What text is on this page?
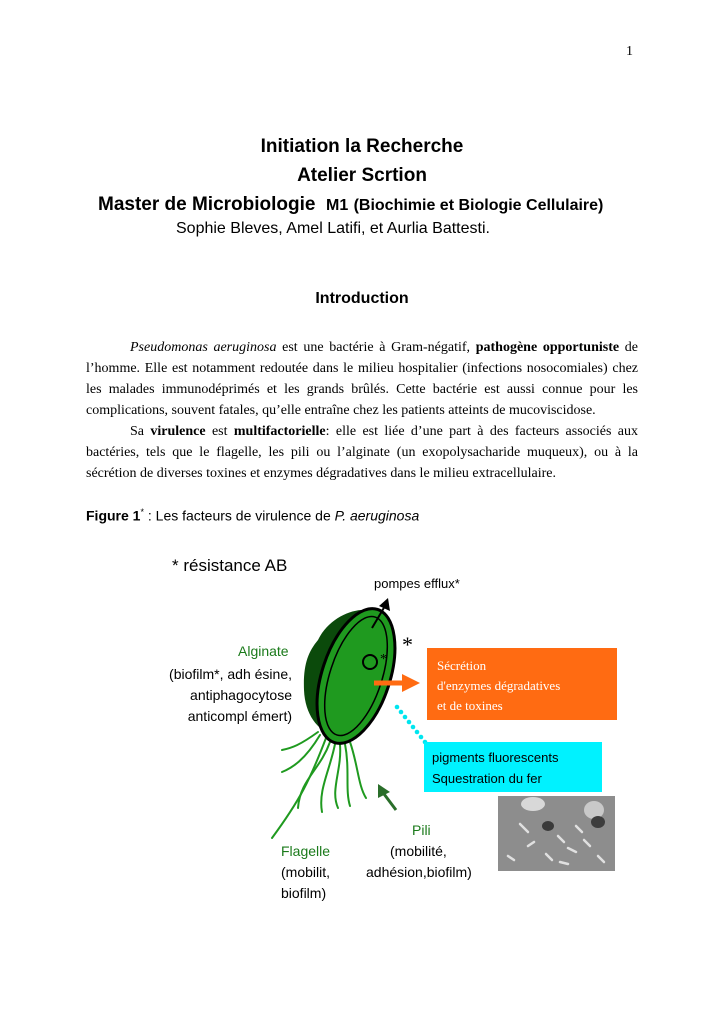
1
Initiation la Recherche
Atelier Scrtion
Master de Microbiologie M1 (Biochimie et Biologie Cellulaire)
Sophie Bleves, Amel Latifi, et Aurlia Battesti.
Introduction

Pseudomonas aeruginosa est une bactérie à Gram-négatif, pathogène opportuniste de l’homme. Elle est notamment redoutée dans le milieu hospitalier (infections nosocomiales) chez les malades immunodéprimés et les grands brûlés. Cette bactérie est aussi connue pour les complications, souvent fatales, qu’elle entraîne chez les patients atteints de mucoviscidose.

Sa virulence est multifactorielle: elle est liée d’une part à des facteurs associés aux bactéries, tels que le flagelle, les pili ou l’alginate (un exopolysacharide muqueux), ou à la sécrétion de diverses toxines et enzymes dégradatives dans le milieu extracellulaire.

Figure 1* : Les facteurs de virulence de P. aeruginosa
* résistance AB
pompes efflux*
Alginate
(biofilm*, adh ésine,
antiphagocytose
anticompl émert)
*
*	Sécrétion
d'enzymes dégradatives
et de toxines
pigments fluorescents
Squestration du fer
Pili
(mobilité,
adhésion,biofilm)
Flagelle
(mobilit,
biofilm)
